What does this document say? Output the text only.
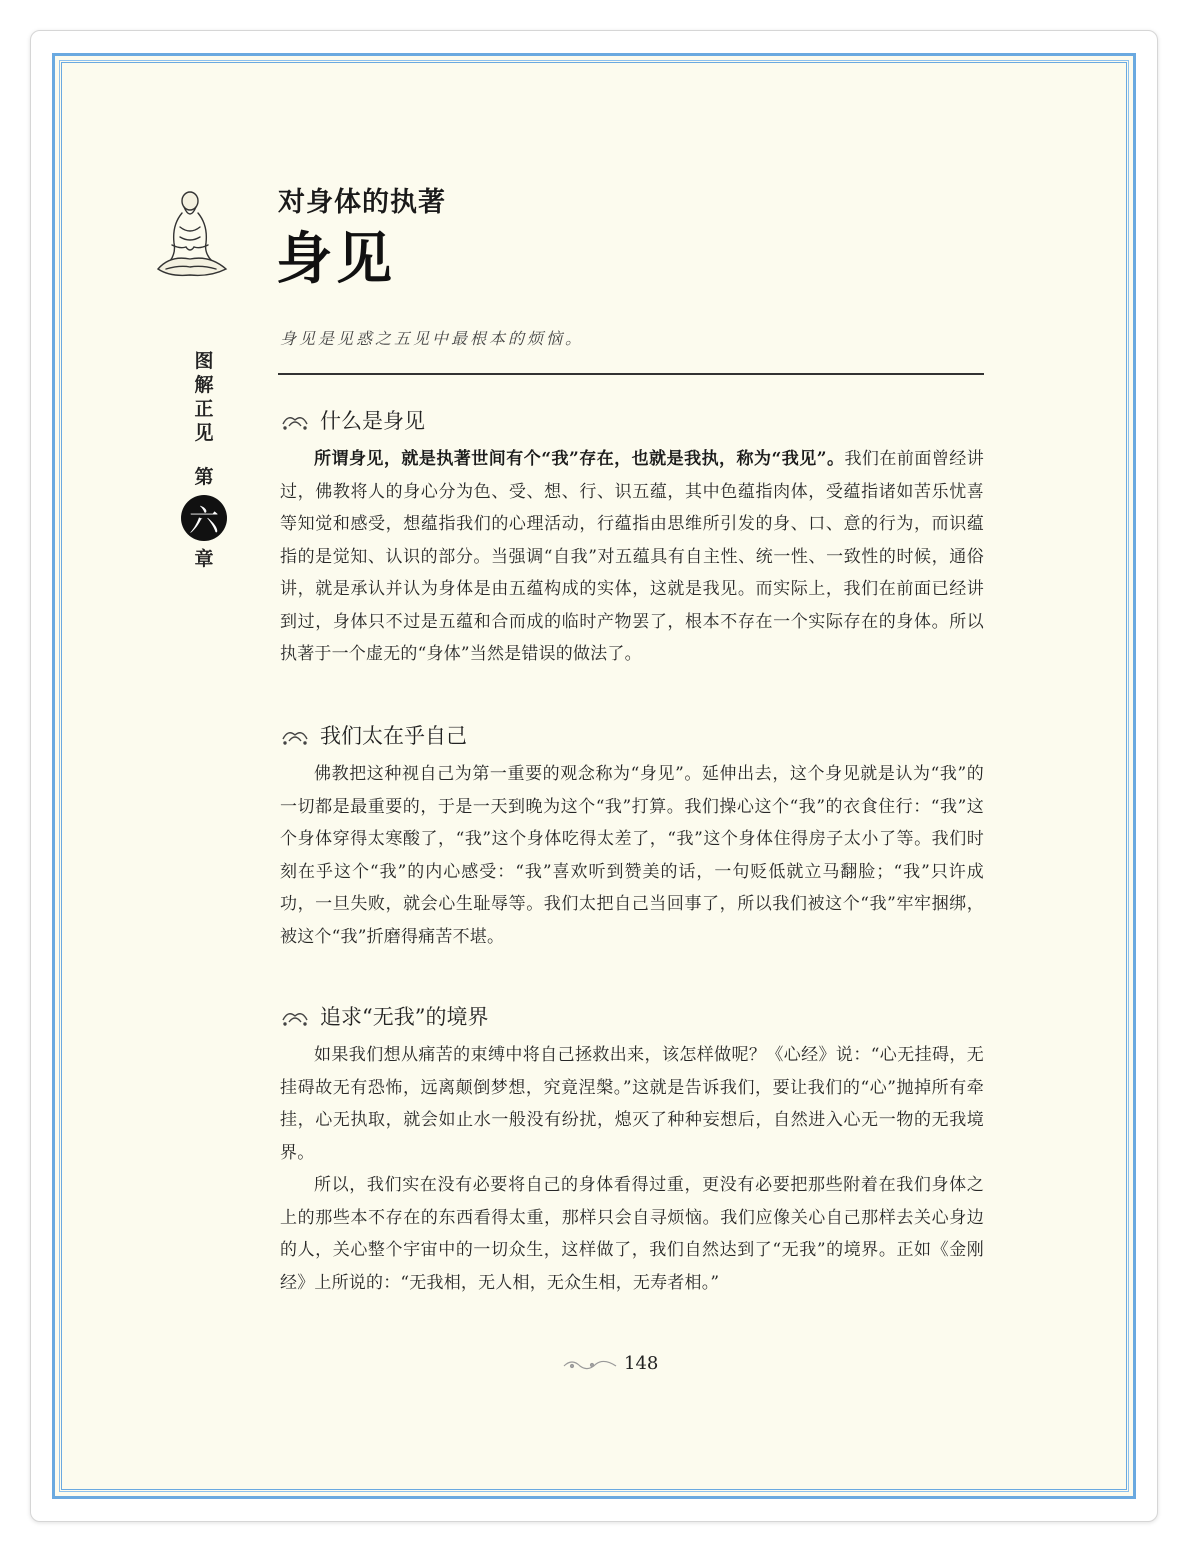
图
解
正
见
第
六
章
对身体的执著
身见
身见是见惑之五见中最根本的烦恼。
什么是身见

所谓身见，就是执著世间有个“我”存在，也就是我执，称为“我见”。我们在前面曾经讲过，佛教将人的身心分为色、受、想、行、识五蕴，其中色蕴指肉体，受蕴指诸如苦乐忧喜等知觉和感受，想蕴指我们的心理活动，行蕴指由思维所引发的身、口、意的行为，而识蕴指的是觉知、认识的部分。当强调“自我”对五蕴具有自主性、统一性、一致性的时候，通俗讲，就是承认并认为身体是由五蕴构成的实体，这就是我见。而实际上，我们在前面已经讲到过，身体只不过是五蕴和合而成的临时产物罢了，根本不存在一个实际存在的身体。所以执著于一个虚无的“身体”当然是错误的做法了。

我们太在乎自己

佛教把这种视自己为第一重要的观念称为“身见”。延伸出去，这个身见就是认为“我”的一切都是最重要的，于是一天到晚为这个“我”打算。我们操心这个“我”的衣食住行：“我”这个身体穿得太寒酸了，“我”这个身体吃得太差了，“我”这个身体住得房子太小了等。我们时刻在乎这个“我”的内心感受：“我”喜欢听到赞美的话，一句贬低就立马翻脸；“我”只许成功，一旦失败，就会心生耻辱等。我们太把自己当回事了，所以我们被这个“我”牢牢捆绑，被这个“我”折磨得痛苦不堪。

追求“无我”的境界

如果我们想从痛苦的束缚中将自己拯救出来，该怎样做呢？《心经》说：“心无挂碍，无挂碍故无有恐怖，远离颠倒梦想，究竟涅槃。”这就是告诉我们，要让我们的“心”抛掉所有牵挂，心无执取，就会如止水一般没有纷扰，熄灭了种种妄想后，自然进入心无一物的无我境界。

所以，我们实在没有必要将自己的身体看得过重，更没有必要把那些附着在我们身体之上的那些本不存在的东西看得太重，那样只会自寻烦恼。我们应像关心自己那样去关心身边的人，关心整个宇宙中的一切众生，这样做了，我们自然达到了“无我”的境界。正如《金刚经》上所说的：“无我相，无人相，无众生相，无寿者相。”

148
